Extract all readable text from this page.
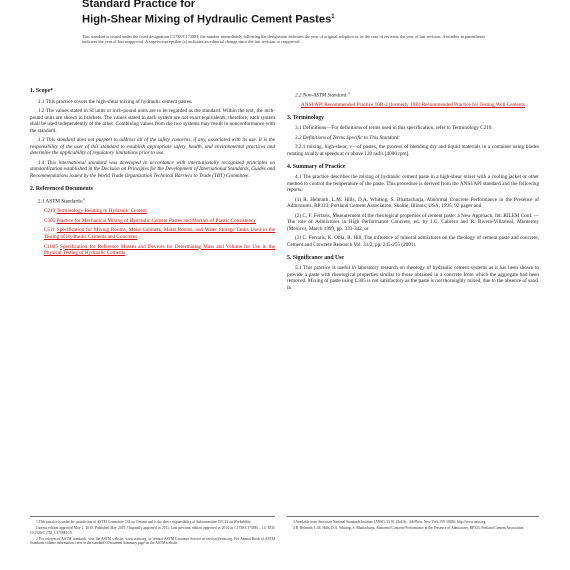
Standard Practice for
High-Shear Mixing of Hydraulic Cement Pastes$^1$
This standard is issued under the fixed designation C1738/C1738M; the number immediately following the designation indicates the year of original adoption or, in the case of revision, the year of last revision. A number in parentheses indicates the year of last reapproval. A superscript epsilon (ε) indicates an editorial change since the last revision or reapproval.
1. Scope*

1.1 This practice covers the high-shear mixing of hydraulic cement pastes.

1.2 The values stated in SI units or inch-pound units are to be regarded as the standard. Within the text, the inch-pound units are shown in brackets. The values stated in each system are not exact equivalents; therefore, each system shall be used independently of the other. Combining values from the two systems may result in nonconformance with the standard.

1.3 This standard does not purport to address all of the safety concerns, if any, associated with its use. It is the responsibility of the user of this standard to establish appropriate safety, health, and environmental practices and determine the applicability of regulatory limitations prior to use.

1.4 This international standard was developed in accordance with internationally recognized principles on standardization established in the Decision on Principles for the Development of International Standards, Guides and Recommendations issued by the World Trade Organization Technical Barriers to Trade (TBT) Committee.

2. Referenced Documents

2.1 ASTM Standards:$^2$

C219 Terminology Relating to Hydraulic Cement

C305 Practice for Mechanical Mixing of Hydraulic Cement Pastes and Mortars of Plastic Consistency

C511 Specification for Mixing Rooms, Moist Cabinets, Moist Rooms, and Water Storage Tanks Used in the Testing of Hydraulic Cements and Concretes

C1005 Specification for Reference Masses and Devices for Determining Mass and Volume for Use in the Physical Testing of Hydraulic Cements

1 This practice is under the jurisdiction of ASTM Committee C01 on Cement and is the direct responsibility of Subcommittee C01.22 on Workability.

Current edition approved May 1, 2019. Published May 2019. Originally approved in 2011. Last previous edition approved in 2014 as C1738/C1738M – 14. DOI: 10.1520/C1738_C1738M-19.

2 For referenced ASTM standards, visit the ASTM website, www.astm.org, or contact ASTM Customer Service at service@astm.org. For Annual Book of ASTM Standards volume information, refer to the standard's Document Summary page on the ASTM website.

2.2 Non-ASTM Standard:$^3$

ANSI/API Recommended Practice 10B-2 (formerly 10B) Recommended Practice for Testing Well Cements

3. Terminology

3.1 Definitions—For definitions of terms used in this specification, refer to Terminology C219.

3.2 Definitions of Terms Specific to This Standard:

3.2.1 mixing, high-shear, v—of pastes, the process of blending dry and liquid materials in a container using blades rotating axially at speeds at or above 120 rad/s [4000 rpm].

4. Summary of Practice

4.1 The practice describes the mixing of hydraulic cement paste in a high-shear mixer with a cooling jacket or other method to control the temperature of the paste. This procedure is derived from the ANSI/API standard and the following reports:

(1) R. Helmuth, L.M. Hills, D.A. Whiting, S. Bhattacharja, Abnormal Concrete Performance in the Presence of Admixtures, RP333, Portland Cement Association, Skokie, Illinois, USA, 1995, 92 pages and

(2) C. F. Ferraris, Measurement of the rheological properties of cement paste: a New Approach, Int. RILEM Conf. —The role of Admixtures in High Performance Concrete, ed. by J.G. Cabrera and R. Rivera-Villarreal, Monterrey (Mexico), March 1999, pp. 333-342, or

(3) C. Ferraris, K. Obla, R. Hill, The influence of mineral admixtures on the rheology of cement paste and concrete, Cement and Concrete Research Vol. 31/2, pp. 245-255 (2001).

5. Significance and Use

5.1 This practice is useful in laboratory research on rheology of hydraulic cement systems as it has been shown to provide a paste with rheological properties similar to those obtained in a concrete from which the aggregate had been removed. Mixing of paste using C305 is not satisfactory as the paste is not thoroughly mixed, due to the absence of sand. In

3 Available from American National Standards Institute (ANSI), 25 W. 43rd St., 4th Floor, New York, NY 10036, http://www.ansi.org.

4 R. Helmuth, L.M. Hills, D.A. Whiting, S. Bhattacharja, Abnormal Concrete Performance in the Presence of Admixtures, RP333, Portland Cement Association.
